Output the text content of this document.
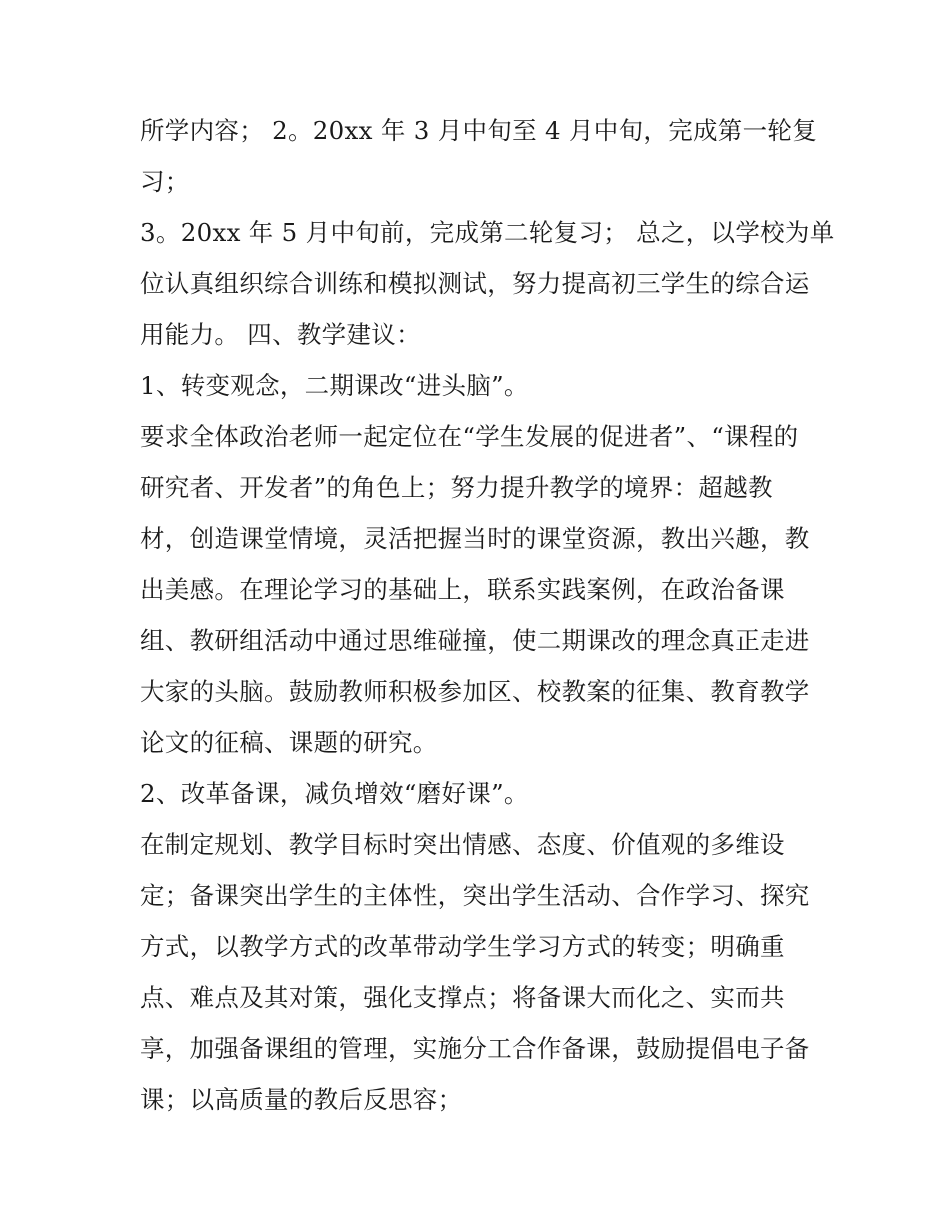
所学内容； 2。20xx 年 3 月中旬至 4 月中旬，完成第一轮复
习；
3。20xx 年 5 月中旬前，完成第二轮复习； 总之，以学校为单
位认真组织综合训练和模拟测试，努力提高初三学生的综合运
用能力。 四、教学建议：
1、转变观念，二期课改“进头脑”。
要求全体政治老师一起定位在“学生发展的促进者”、“课程的
研究者、开发者”的角色上；努力提升教学的境界：超越教
材，创造课堂情境，灵活把握当时的课堂资源，教出兴趣，教
出美感。在理论学习的基础上，联系实践案例，在政治备课
组、教研组活动中通过思维碰撞，使二期课改的理念真正走进
大家的头脑。鼓励教师积极参加区、校教案的征集、教育教学
论文的征稿、课题的研究。
2、改革备课，减负增效“磨好课”。
在制定规划、教学目标时突出情感、态度、价值观的多维设
定；备课突出学生的主体性，突出学生活动、合作学习、探究
方式，以教学方式的改革带动学生学习方式的转变；明确重
点、难点及其对策，强化支撑点；将备课大而化之、实而共
享，加强备课组的管理，实施分工合作备课，鼓励提倡电子备
课；以高质量的教后反思容；
